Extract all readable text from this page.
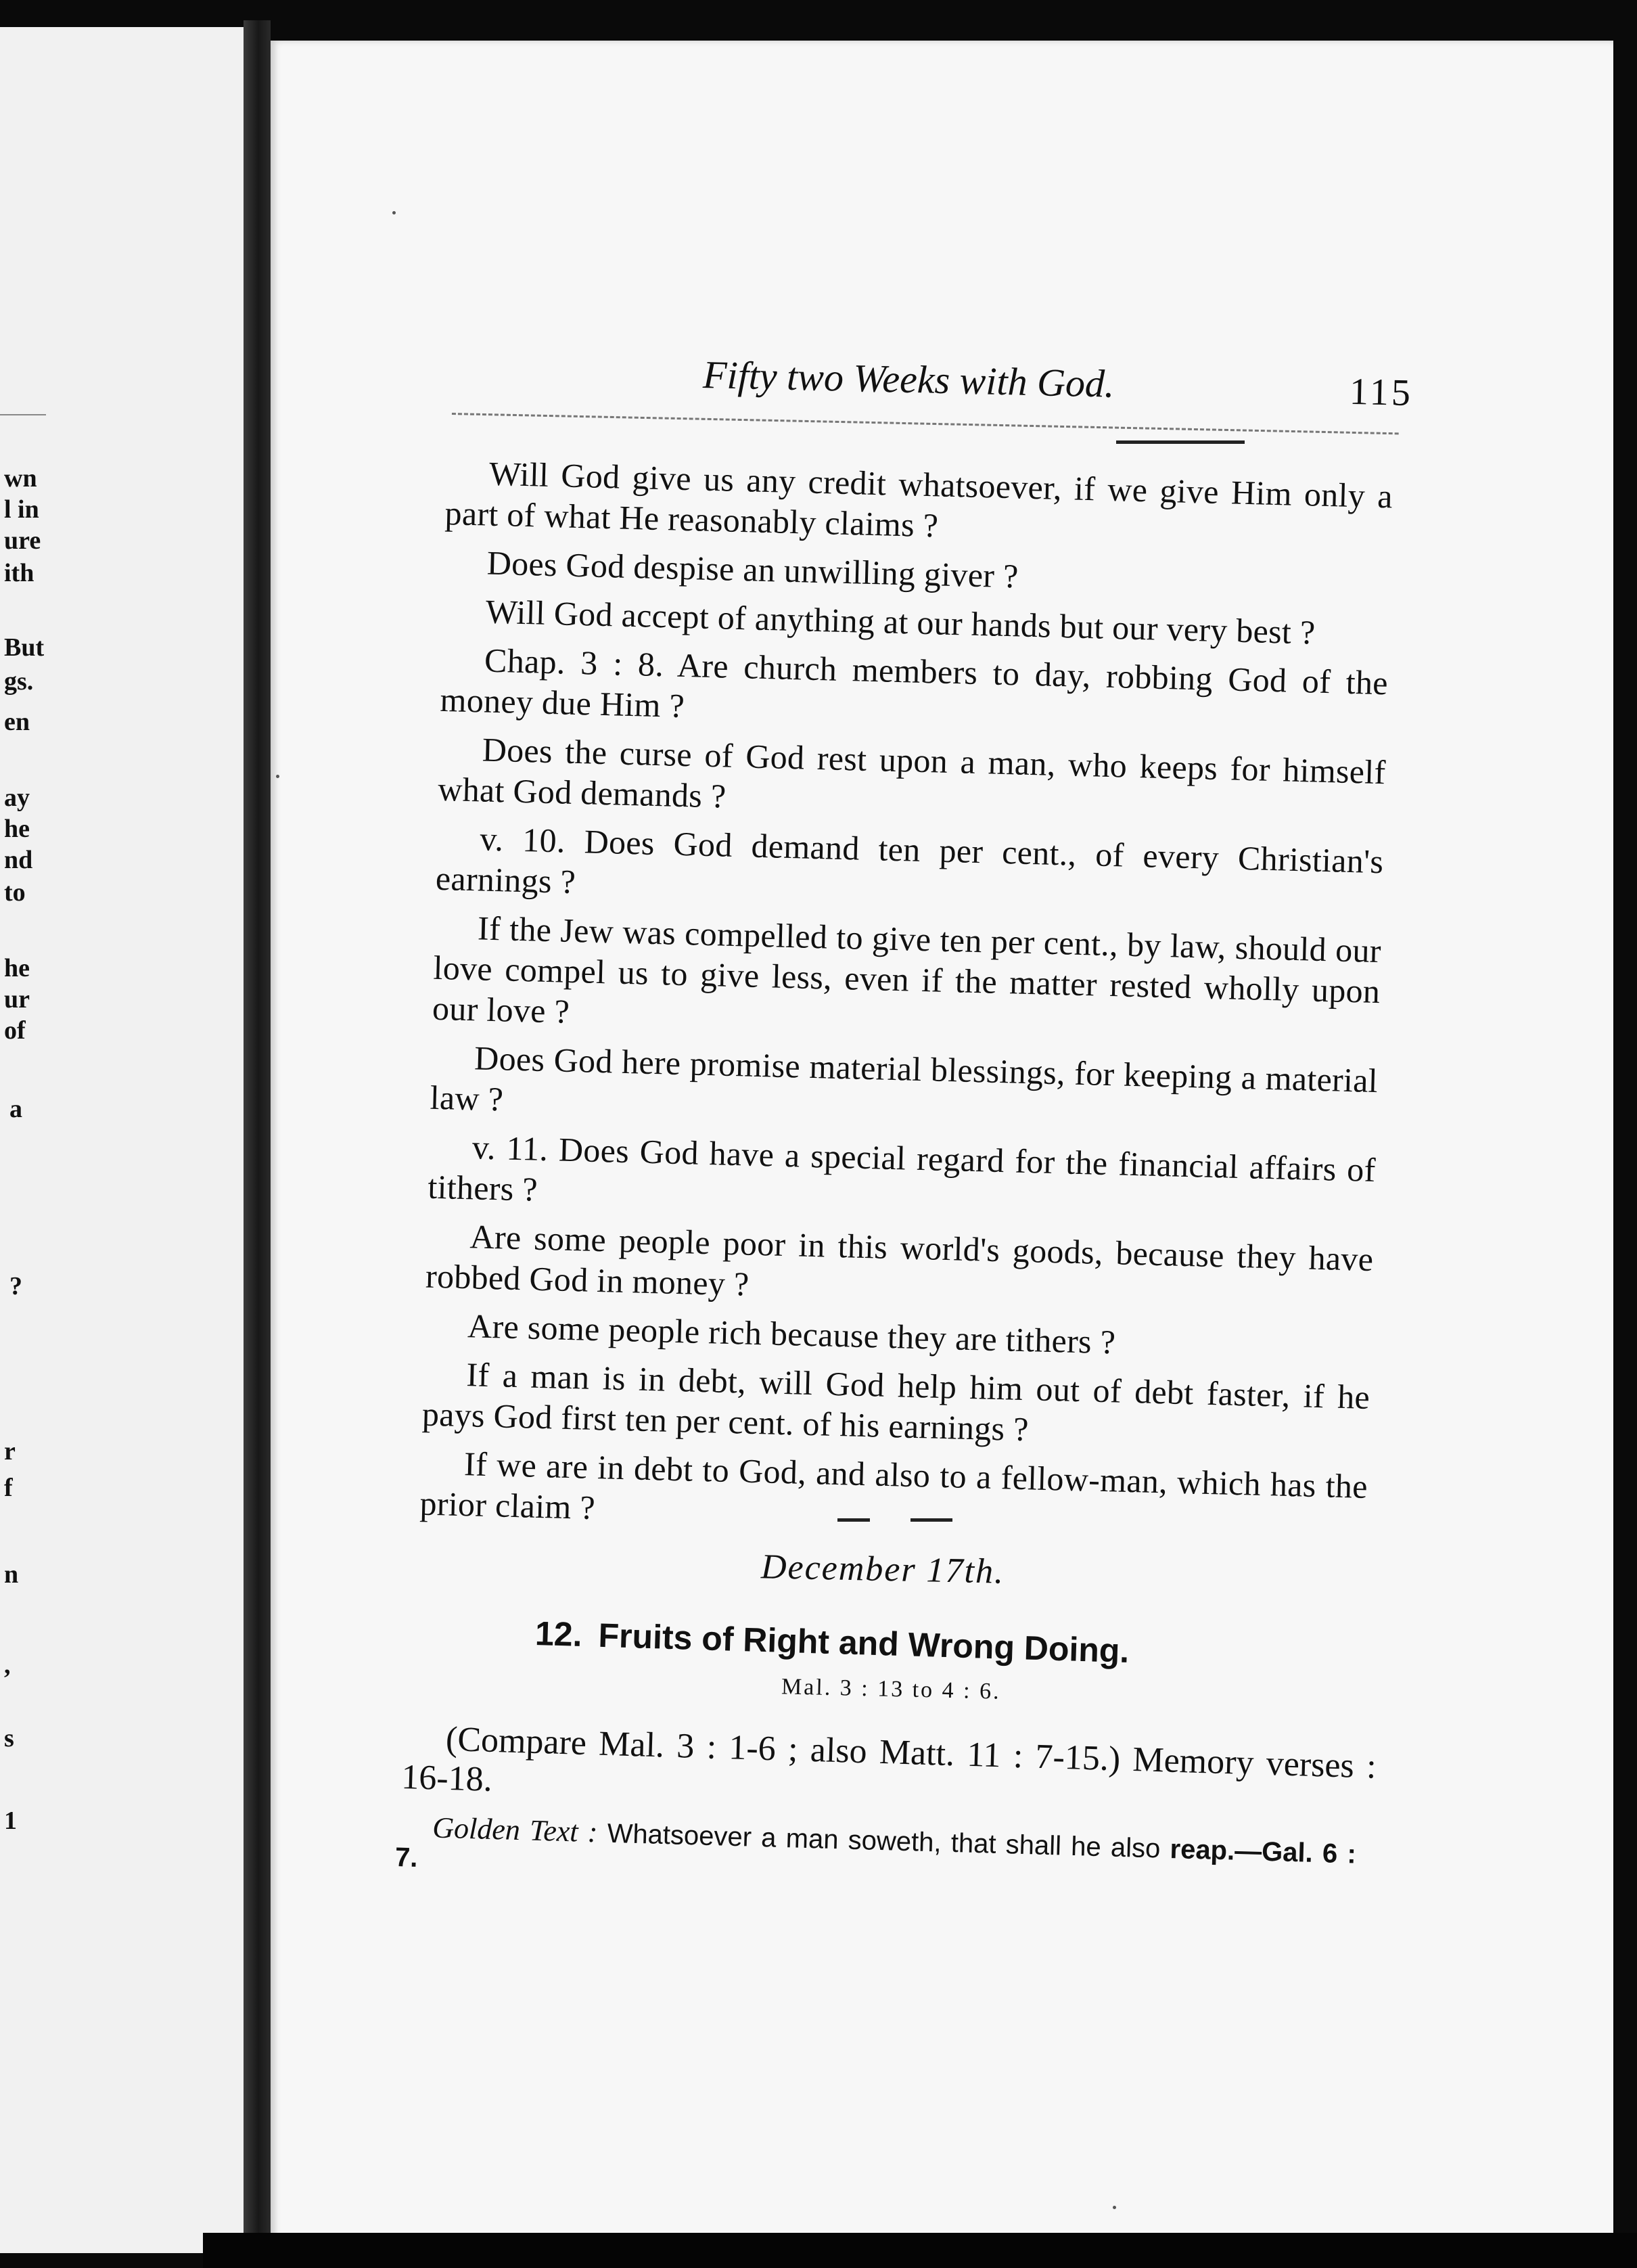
wn
l in
ure
ith
But
gs.
en
ay
he
nd
to
he
ur
of
a
?
r
f
n
,
s
1
Fifty two Weeks with God.	115

Will God give us any credit whatsoever, if we give Him only a part of what He reasonably claims ?

Does God despise an unwilling giver ?

Will God accept of anything at our hands but our very best ?

Chap. 3 : 8. Are church members to day, robbing God of the money due Him ?

Does the curse of God rest upon a man, who keeps for himself what God demands ?

v. 10. Does God demand ten per cent., of every Christian's earnings ?

If the Jew was compelled to give ten per cent., by law, should our love compel us to give less, even if the matter rested wholly upon our love ?

Does God here promise material blessings, for keeping a material law ?

v. 11. Does God have a special regard for the financial affairs of tithers ?

Are some people poor in this world's goods, because they have robbed God in money ?

Are some people rich because they are tithers ?

If a man is in debt, will God help him out of debt faster, if he pays God first ten per cent. of his earnings ?

If we are in debt to God, and also to a fellow-man, which has the prior claim ?

December 17th.
12. Fruits of Right and Wrong Doing.
Mal. 3 : 13 to 4 : 6.

(Compare Mal. 3 : 1-6 ; also Matt. 11 : 7-15.) Memory verses : 16-18.

Golden Text : Whatsoever a man soweth, that shall he also reap.—Gal. 6 : 7.
